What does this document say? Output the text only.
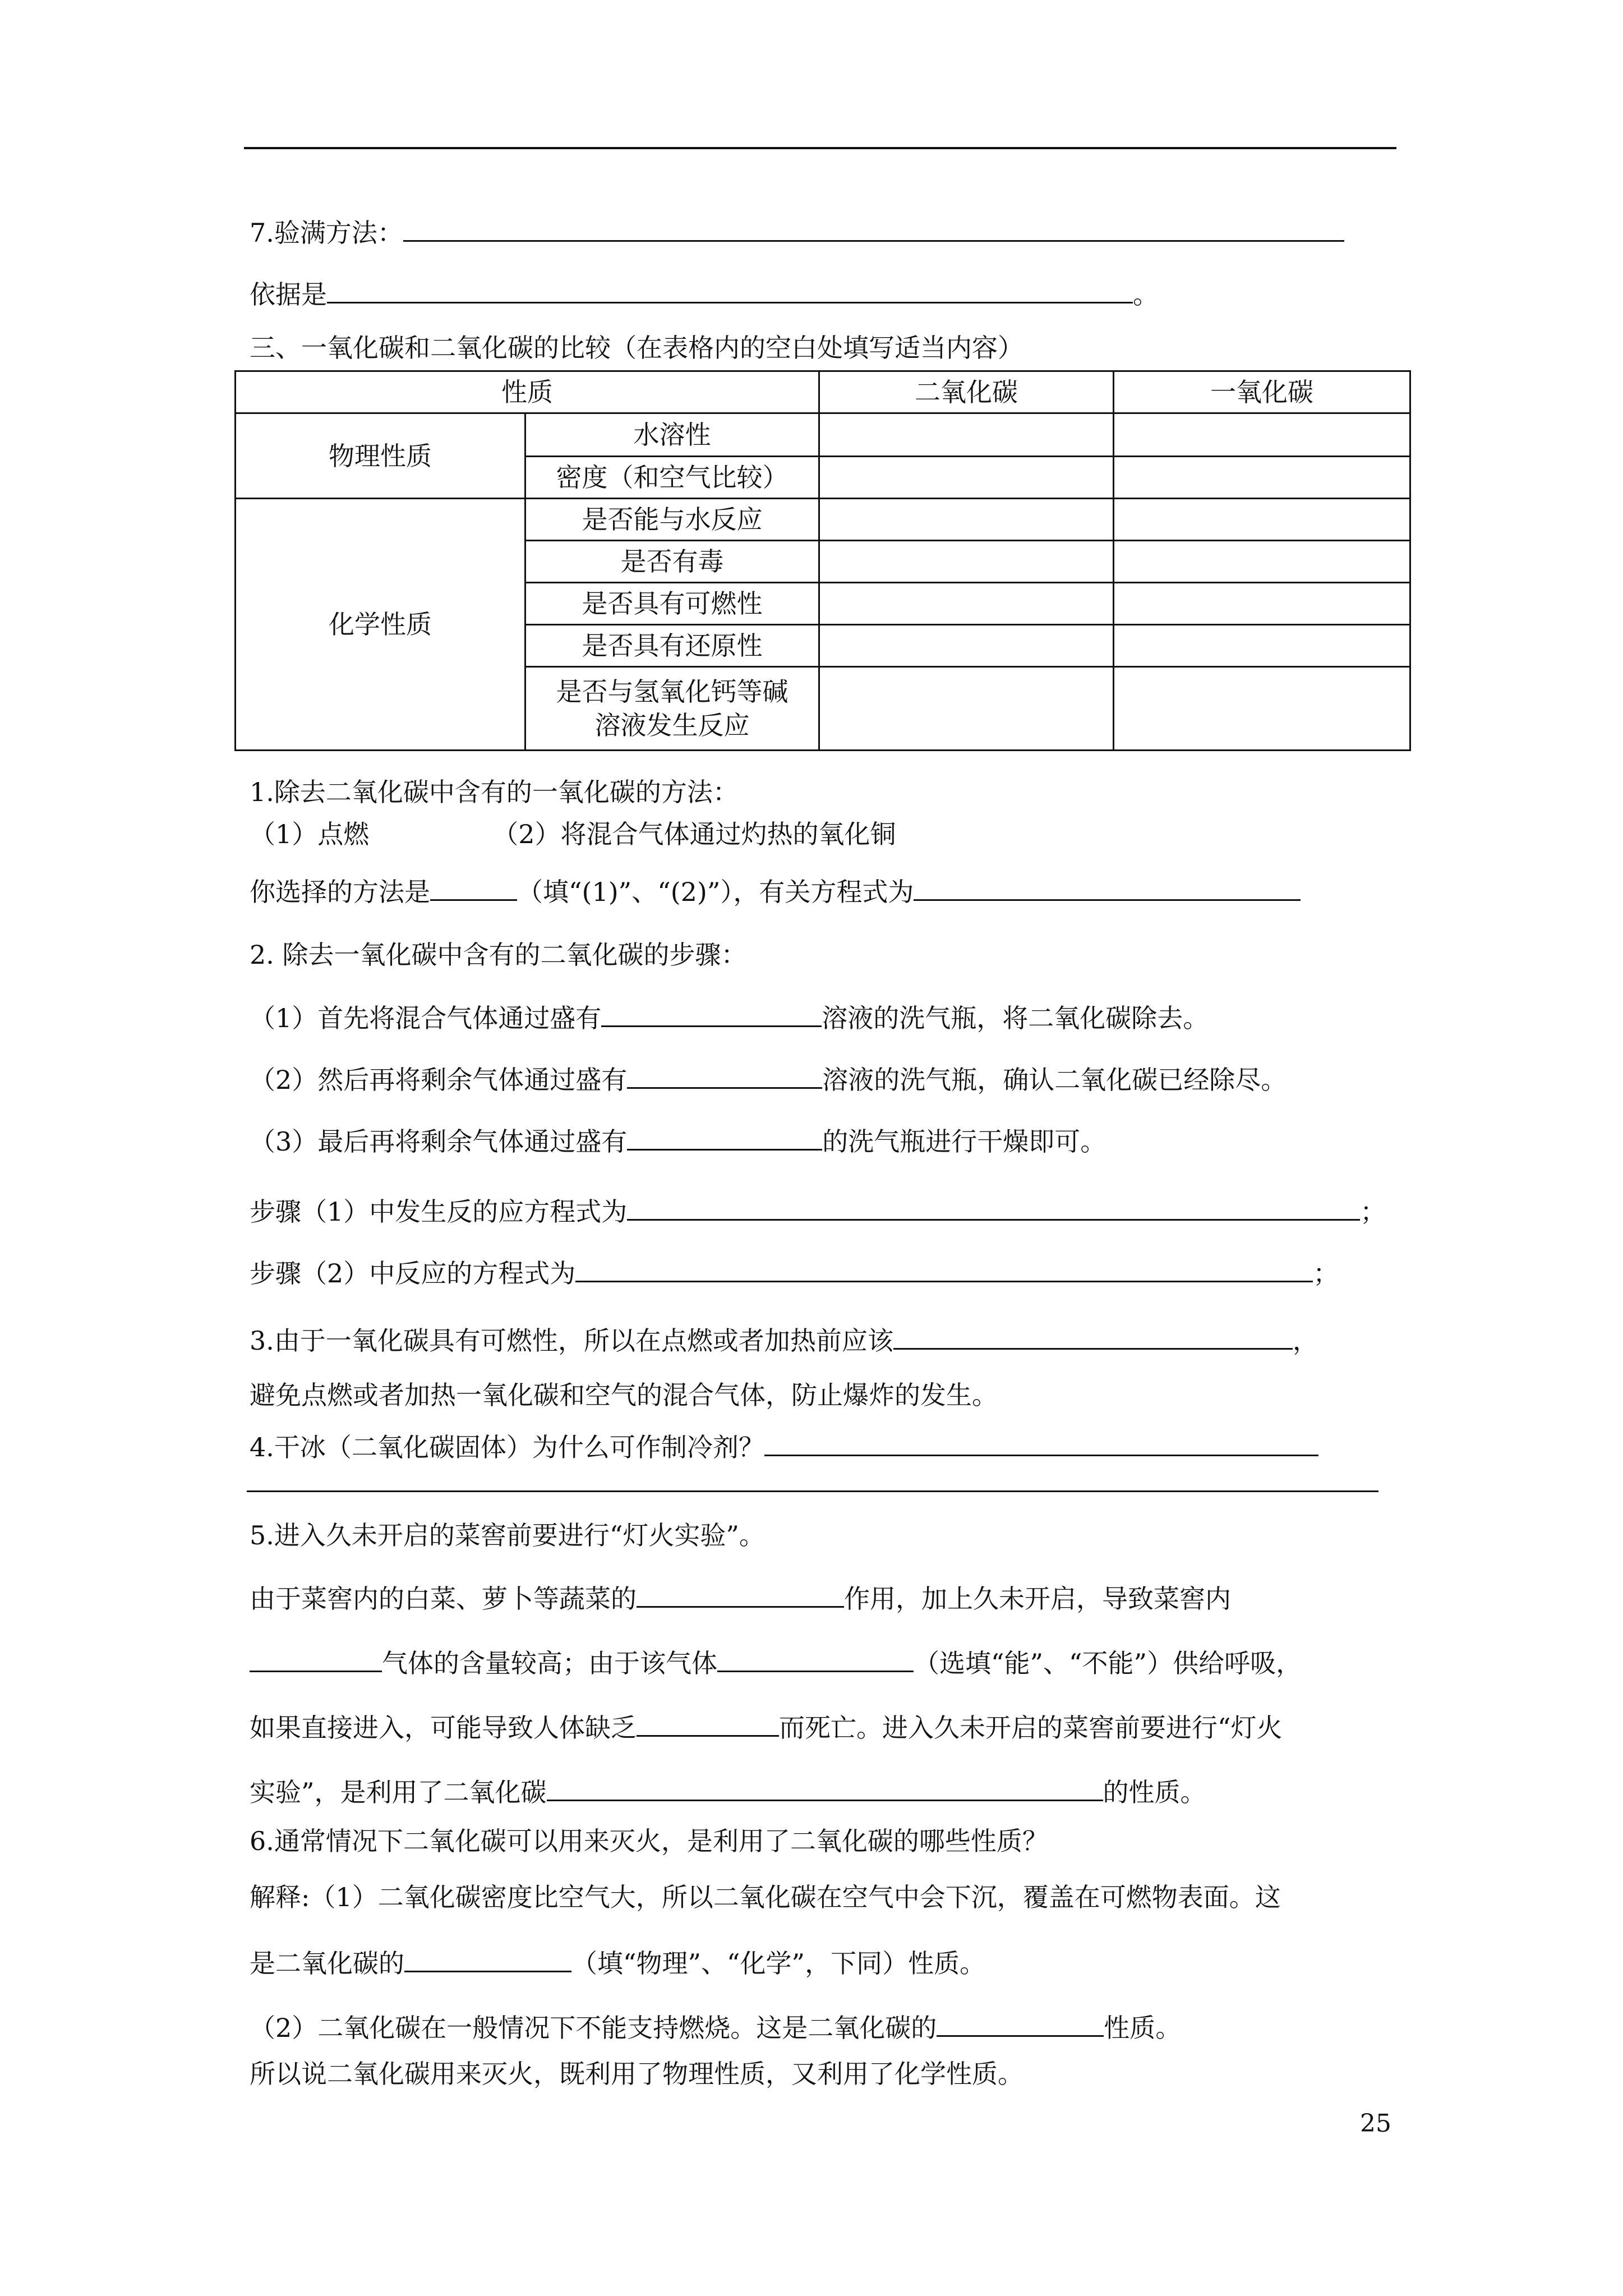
7.验满方法：
依据是	。
三、一氧化碳和二氧化碳的比较（在表格内的空白处填写适当内容）
性质		二氧化碳	一氧化碳
物理性质	水溶性		
	密度（和空气比较）		
化学性质	是否能与水反应		
	是否有毒		
	是否具有可燃性		
	是否具有还原性		

	是否与氢氧化钙等碱
溶液发生反应		

1.除去二氧化碳中含有的一氧化碳的方法：
（1）点燃	（2）将混合气体通过灼热的氧化铜
你选择的方法是	（填“(1)”、“(2)”），有关方程式为
2. 除去一氧化碳中含有的二氧化碳的步骤：
（1）首先将混合气体通过盛有	溶液的洗气瓶，将二氧化碳除去。
（2）然后再将剩余气体通过盛有	溶液的洗气瓶，确认二氧化碳已经除尽。
（3）最后再将剩余气体通过盛有	的洗气瓶进行干燥即可。
步骤（1）中发生反的应方程式为	；
步骤（2）中反应的方程式为	；
3.由于一氧化碳具有可燃性，所以在点燃或者加热前应该	，
避免点燃或者加热一氧化碳和空气的混合气体，防止爆炸的发生。
4.干冰（二氧化碳固体）为什么可作制冷剂？
5.进入久未开启的菜窖前要进行“灯火实验”。
由于菜窖内的白菜、萝卜等蔬菜的	作用，加上久未开启，导致菜窖内
气体的含量较高；由于该气体	（选填“能”、“不能”）供给呼吸，
如果直接进入，可能导致人体缺乏	而死亡。进入久未开启的菜窖前要进行“灯火
实验”，是利用了二氧化碳	的性质。
6.通常情况下二氧化碳可以用来灭火，是利用了二氧化碳的哪些性质？
解释:（1）二氧化碳密度比空气大，所以二氧化碳在空气中会下沉，覆盖在可燃物表面。这
是二氧化碳的	（填“物理”、“化学”，下同）性质。
（2）二氧化碳在一般情况下不能支持燃烧。这是二氧化碳的	性质。
所以说二氧化碳用来灭火，既利用了物理性质，又利用了化学性质。
25
